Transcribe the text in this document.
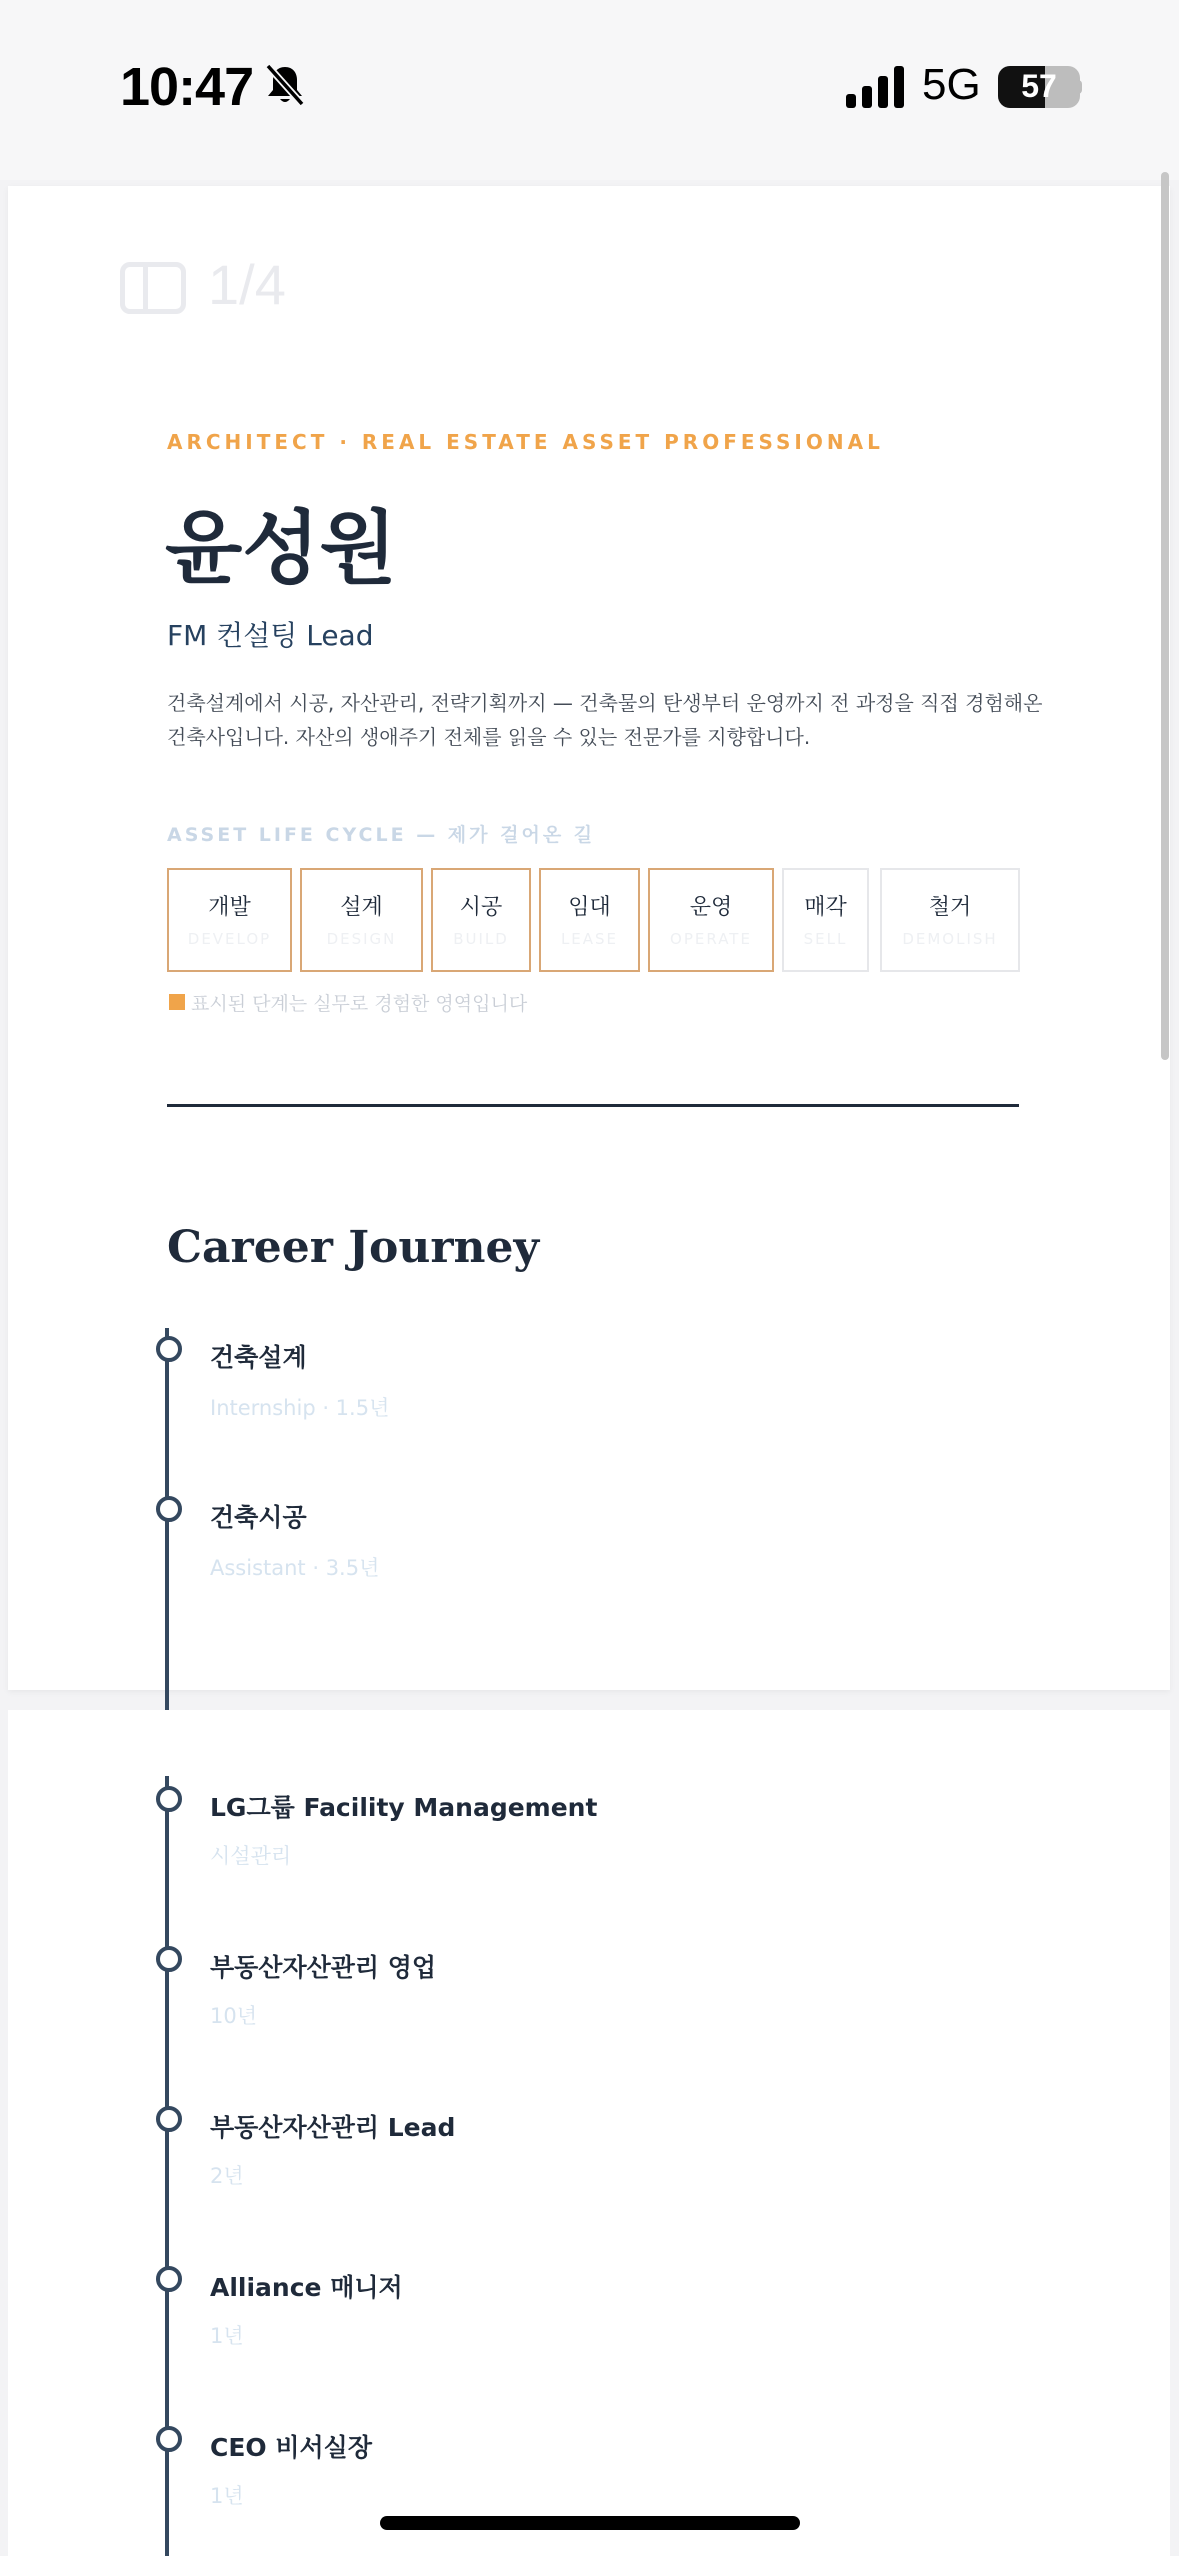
10:47	5G	57
1/4
ARCHITECT · REAL ESTATE ASSET PROFESSIONAL
윤성원
FM 컨설팅 Lead
건축설계에서 시공, 자산관리, 전략기획까지 — 건축물의 탄생부터 운영까지 전 과정을 직접 경험해온 건축사입니다. 자산의 생애주기 전체를 읽을 수 있는 전문가를 지향합니다.
ASSET LIFE CYCLE — 제가 걸어온 길
개발
DEVELOP
설계
DESIGN
시공
BUILD
임대
LEASE
운영
OPERATE
매각
SELL
철거
DEMOLISH
표시된 단계는 실무로 경험한 영역입니다
Career Journey
건축설계
Internship · 1.5년
건축시공
Assistant · 3.5년
LG그룹 Facility Management
시설관리
부동산자산관리 영업
10년
부동산자산관리 Lead
2년
Alliance 매니저
1년
CEO 비서실장
1년
